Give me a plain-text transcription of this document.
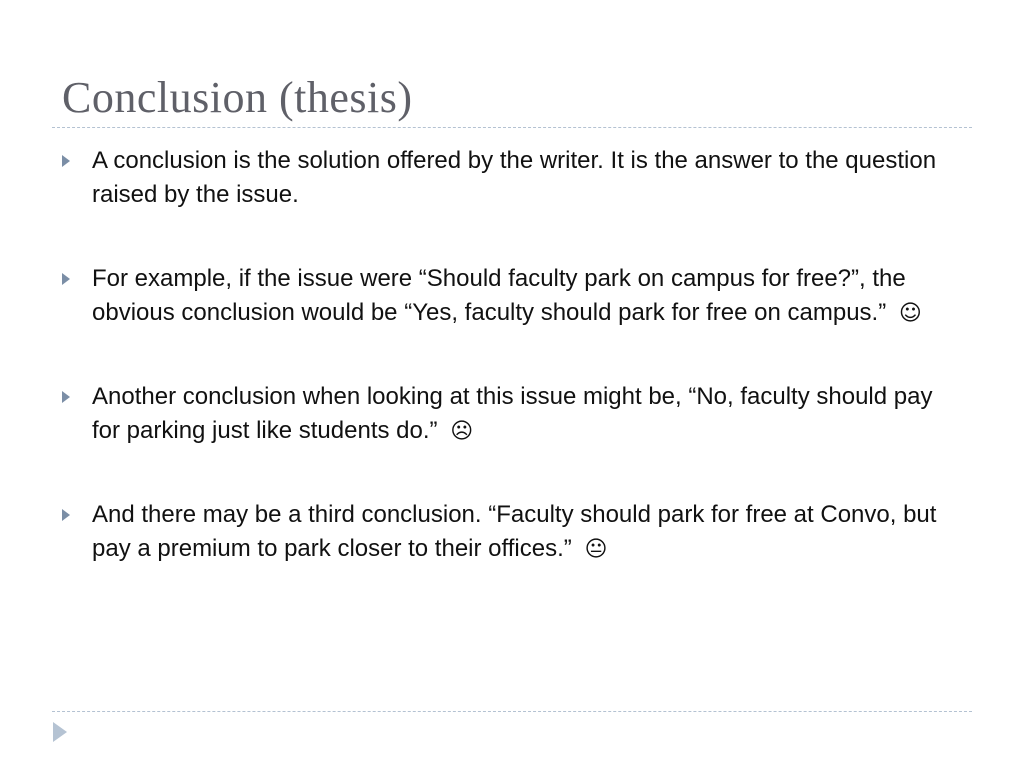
Conclusion (thesis)
A conclusion is the solution offered by the writer. It is the answer to the question raised by the issue.
For example, if the issue were “Should faculty park on campus for free?”, the obvious conclusion would be “Yes, faculty should park for free on campus.” ☺
Another conclusion when looking at this issue might be, “No, faculty should pay for parking just like students do.” ☹
And there may be a third conclusion. “Faculty should park for free at Convo, but pay a premium to park closer to their offices.” 😐
